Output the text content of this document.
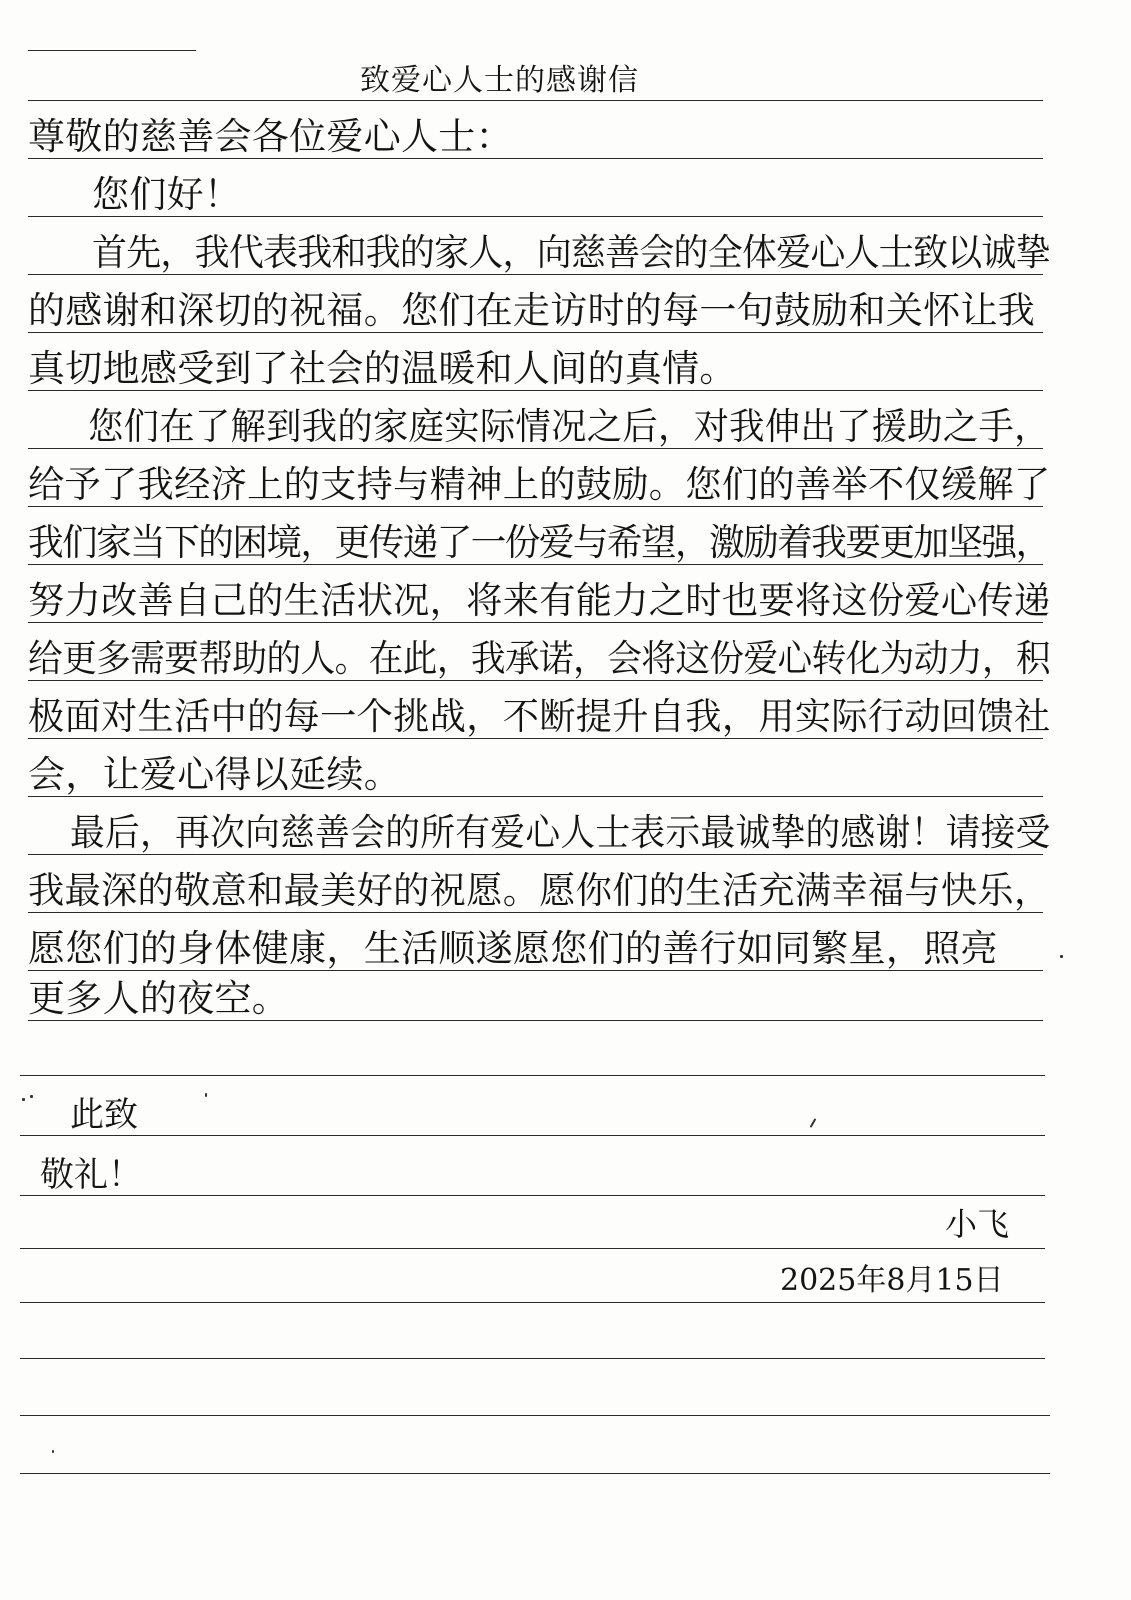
致爱心人士的感谢信
尊敬的慈善会各位爱心人士：
您们好！
首先，我代表我和我的家人，向慈善会的全体爱心人士致以诚挚
的感谢和深切的祝福。您们在走访时的每一句鼓励和关怀让我
真切地感受到了社会的温暖和人间的真情。
您们在了解到我的家庭实际情况之后，对我伸出了援助之手，
给予了我经济上的支持与精神上的鼓励。您们的善举不仅缓解了
我们家当下的困境，更传递了一份爱与希望，激励着我要更加坚强，
努力改善自己的生活状况，将来有能力之时也要将这份爱心传递
给更多需要帮助的人。在此，我承诺，会将这份爱心转化为动力，积
极面对生活中的每一个挑战，不断提升自我，用实际行动回馈社
会，让爱心得以延续。
最后，再次向慈善会的所有爱心人士表示最诚挚的感谢！请接受
我最深的敬意和最美好的祝愿。愿你们的生活充满幸福与快乐，
愿您们的身体健康，生活顺遂愿您们的善行如同繁星，照亮
更多人的夜空。
此致
敬礼！
小飞
2025年8月15日
